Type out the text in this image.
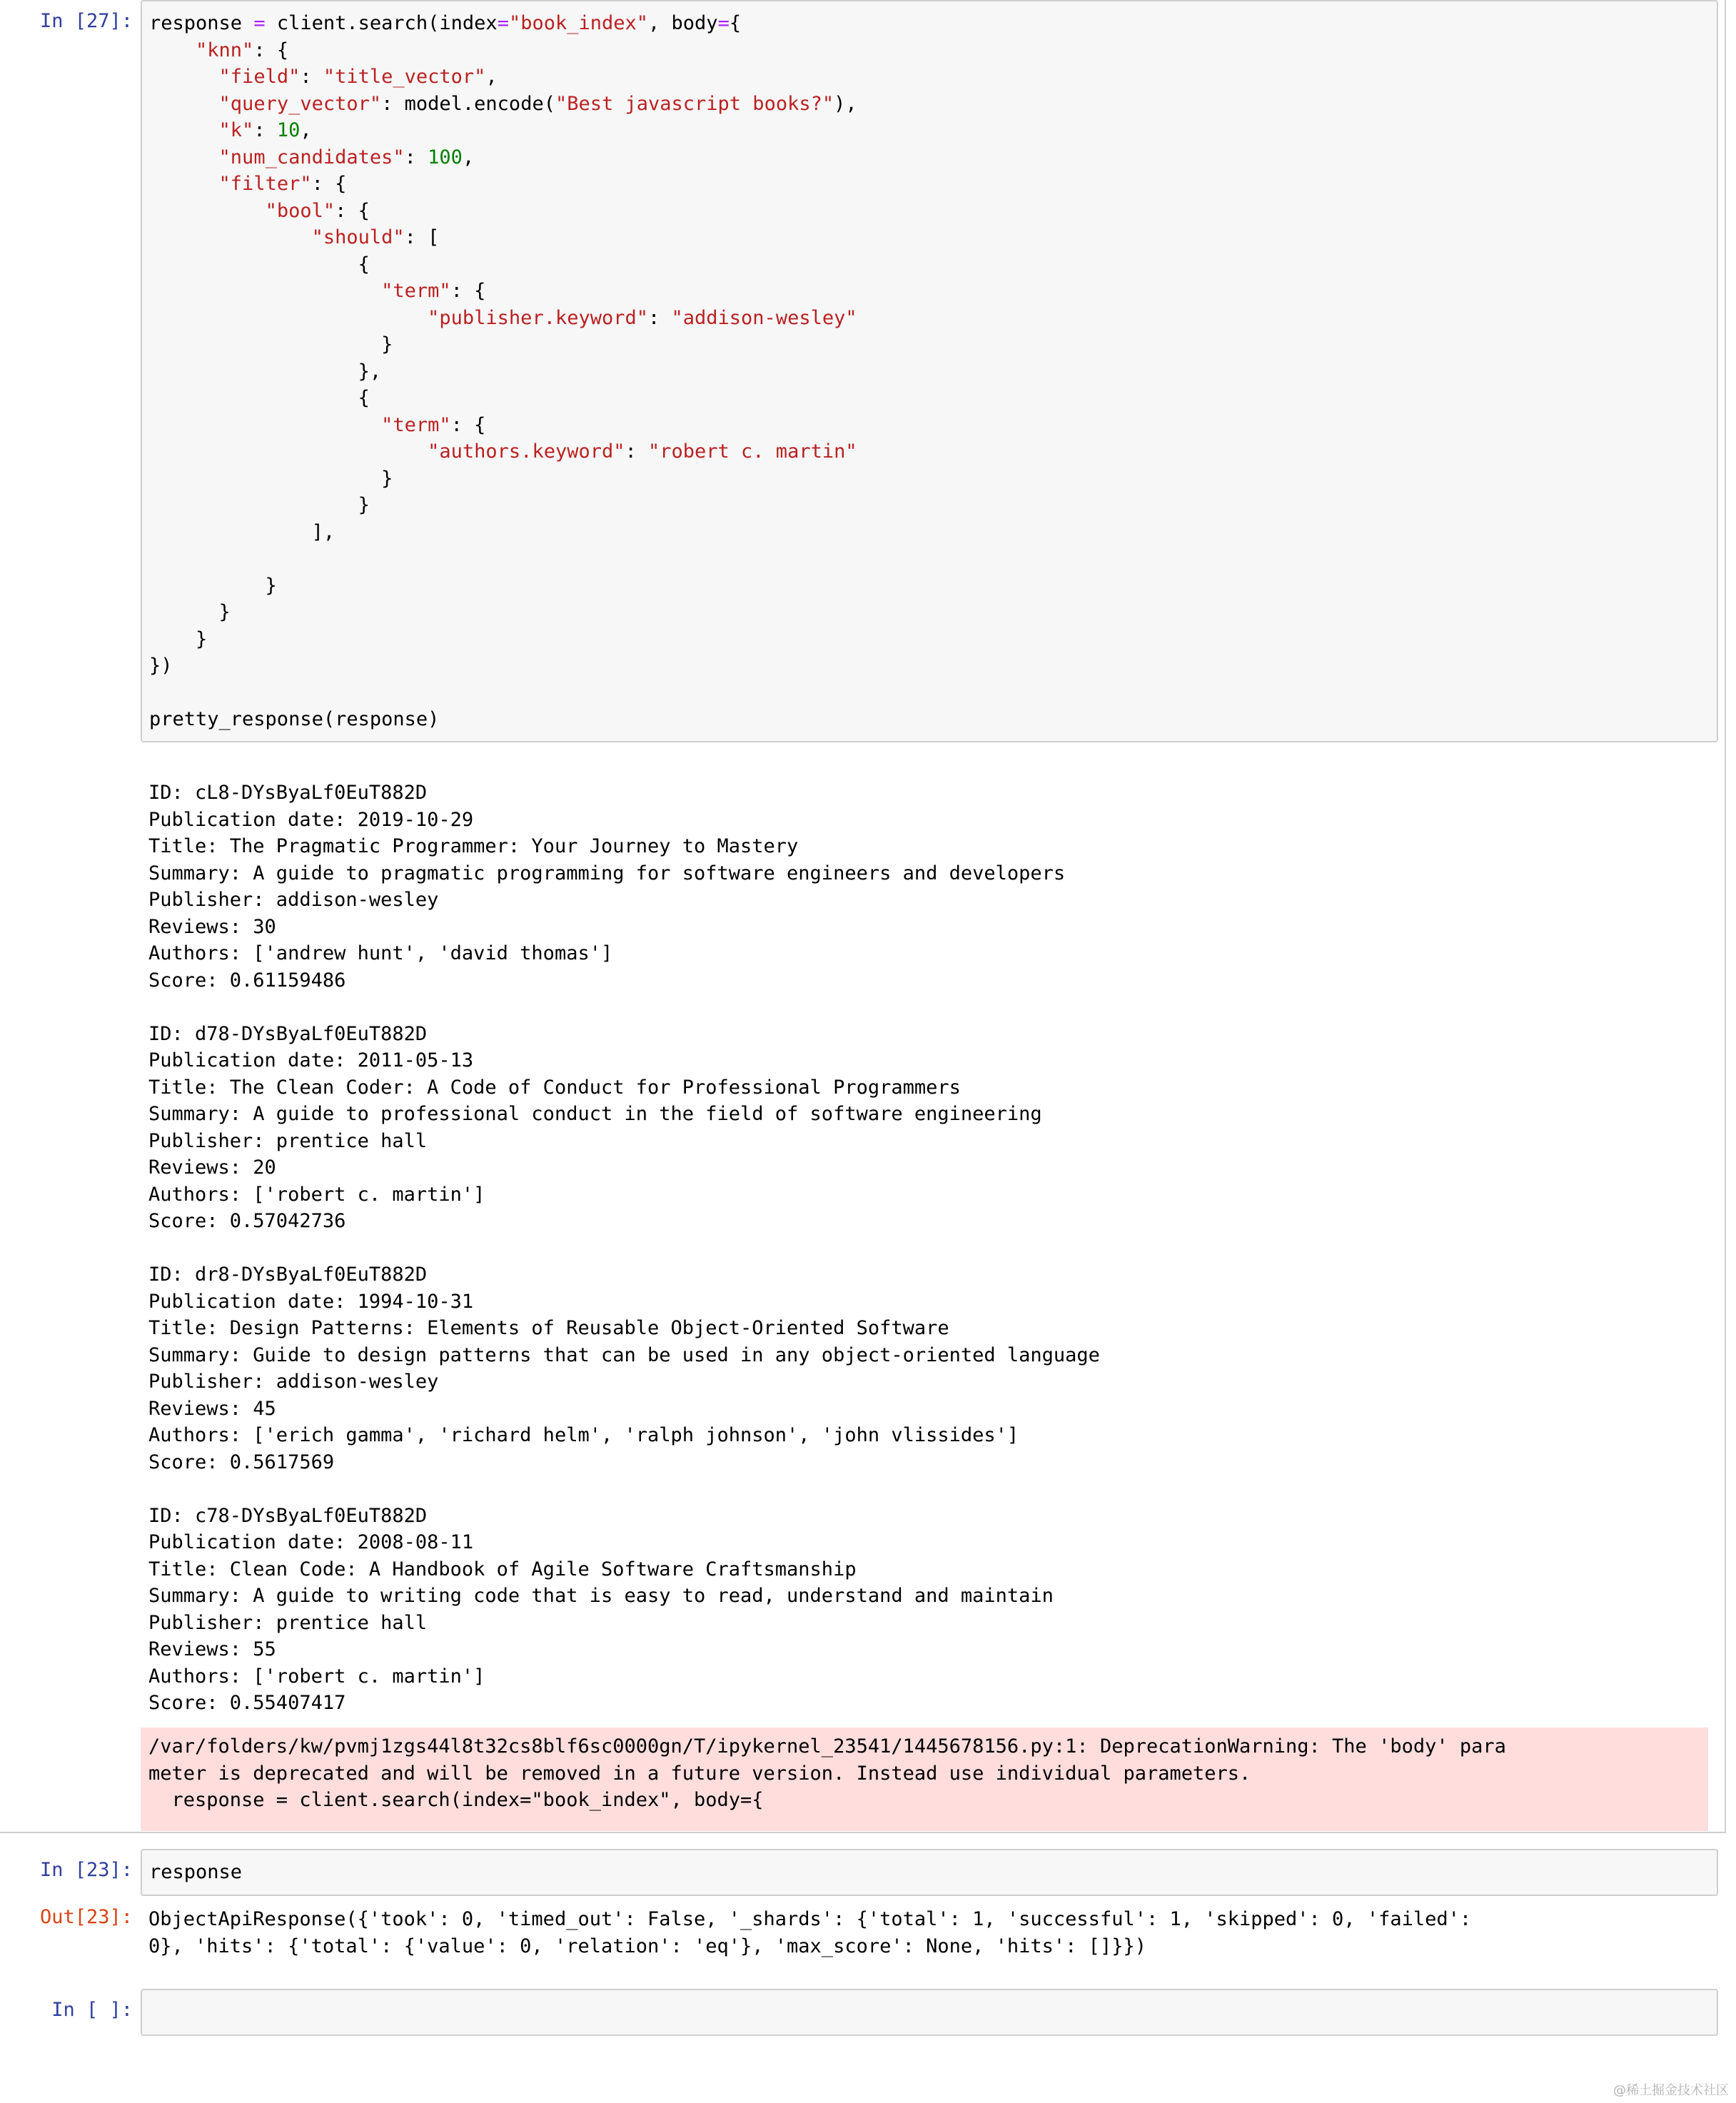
In [27]: response = client.search(index="book_index", body={
"knn": {
"field": "title_vector",
"query_vector": model.encode("Best javascript books?"),
"k": 10,
"num_candidates": 100,
"filter": {
"bool": {
"should": [
{
"term": {
"publisher.keyword": "addison-wesley"
}
},
{
"term": {
"authors.keyword": "robert c. martin"
}
}
],

}
}
}
})

pretty_response(response)
ID: cL8-DYsByaLf0EuT882D
Publication date: 2019-10-29
Title: The Pragmatic Programmer: Your Journey to Mastery
Summary: A guide to pragmatic programming for software engineers and developers
Publisher: addison-wesley
Reviews: 30
Authors: ['andrew hunt', 'david thomas']
Score: 0.61159486

ID: d78-DYsByaLf0EuT882D
Publication date: 2011-05-13
Title: The Clean Coder: A Code of Conduct for Professional Programmers
Summary: A guide to professional conduct in the field of software engineering
Publisher: prentice hall
Reviews: 20
Authors: ['robert c. martin']
Score: 0.57042736

ID: dr8-DYsByaLf0EuT882D
Publication date: 1994-10-31
Title: Design Patterns: Elements of Reusable Object-Oriented Software
Summary: Guide to design patterns that can be used in any object-oriented language
Publisher: addison-wesley
Reviews: 45
Authors: ['erich gamma', 'richard helm', 'ralph johnson', 'john vlissides']
Score: 0.5617569

ID: c78-DYsByaLf0EuT882D
Publication date: 2008-08-11
Title: Clean Code: A Handbook of Agile Software Craftsmanship
Summary: A guide to writing code that is easy to read, understand and maintain
Publisher: prentice hall
Reviews: 55
Authors: ['robert c. martin']
Score: 0.55407417
/var/folders/kw/pvmj1zgs44l8t32cs8blf6sc0000gn/T/ipykernel_23541/1445678156.py:1: DeprecationWarning: The 'body' para
meter is deprecated and will be removed in a future version. Instead use individual parameters.
response = client.search(index="book_index", body={
In [23]: response
Out[23]: ObjectApiResponse({'took': 0, 'timed_out': False, '_shards': {'total': 1, 'successful': 1, 'skipped': 0, 'failed':
0}, 'hits': {'total': {'value': 0, 'relation': 'eq'}, 'max_score': None, 'hits': []}})
In [ ]:
@稀土掘金技术社区
